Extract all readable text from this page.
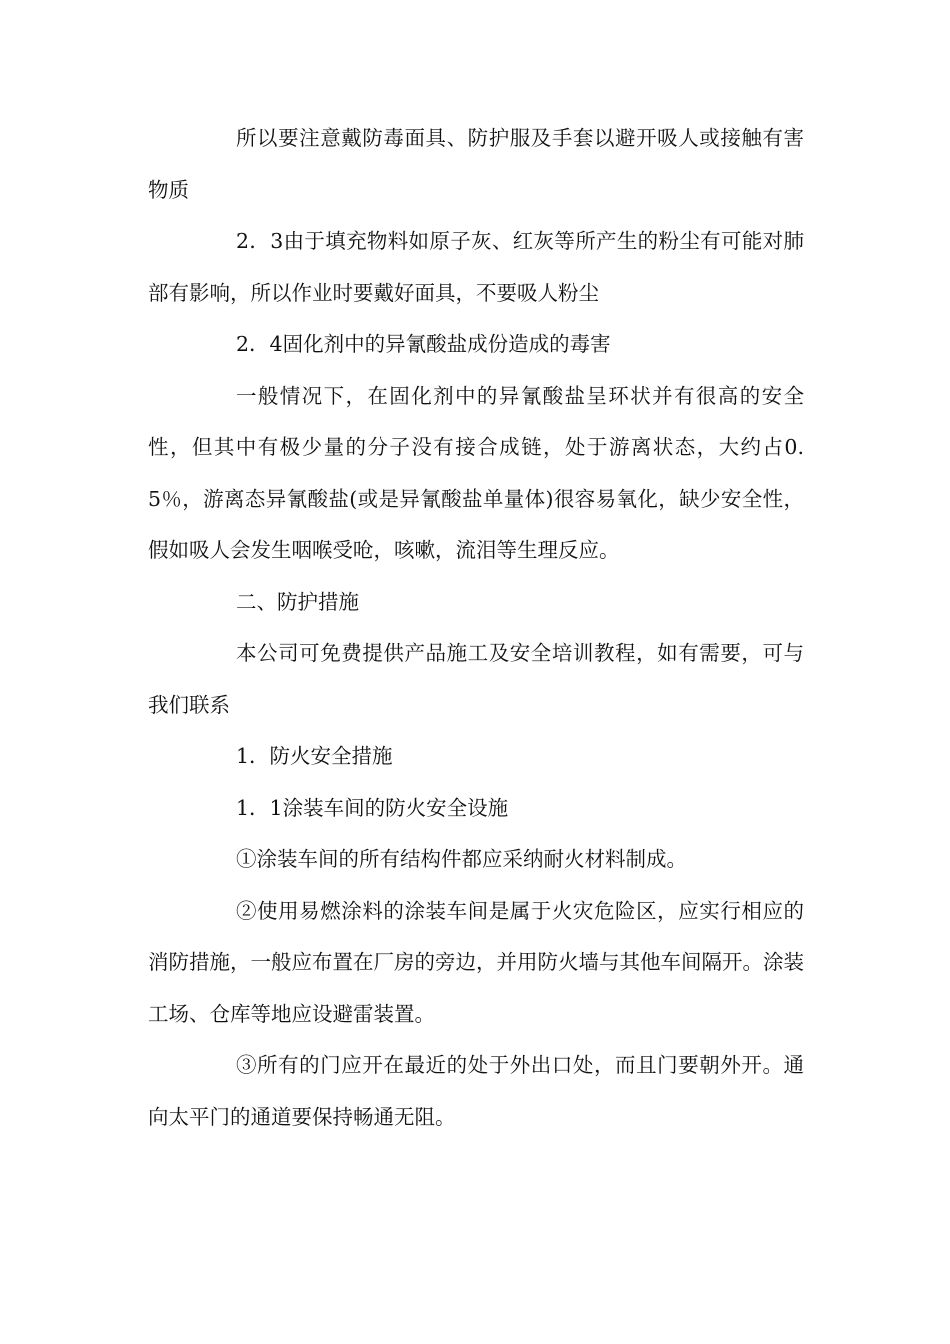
所以要注意戴防毒面具、防护服及手套以避开吸人或接触有害物质

2．3由于填充物料如原子灰、红灰等所产生的粉尘有可能对肺部有影响，所以作业时要戴好面具，不要吸人粉尘

2．4固化剂中的异氰酸盐成份造成的毒害

一般情况下，在固化剂中的异氰酸盐呈环状并有很高的安全性，但其中有极少量的分子没有接合成链，处于游离状态，大约占0.5％，游离态异氰酸盐(或是异氰酸盐单量体)很容易氧化，缺少安全性，假如吸人会发生咽喉受呛，咳嗽，流泪等生理反应。

二、防护措施

本公司可免费提供产品施工及安全培训教程，如有需要，可与我们联系

1．防火安全措施

1．1涂装车间的防火安全设施

①涂装车间的所有结构件都应采纳耐火材料制成。

②使用易燃涂料的涂装车间是属于火灾危险区，应实行相应的消防措施，一般应布置在厂房的旁边，并用防火墙与其他车间隔开。涂装工场、仓库等地应设避雷装置。

③所有的门应开在最近的处于外出口处，而且门要朝外开。通向太平门的通道要保持畅通无阻。
